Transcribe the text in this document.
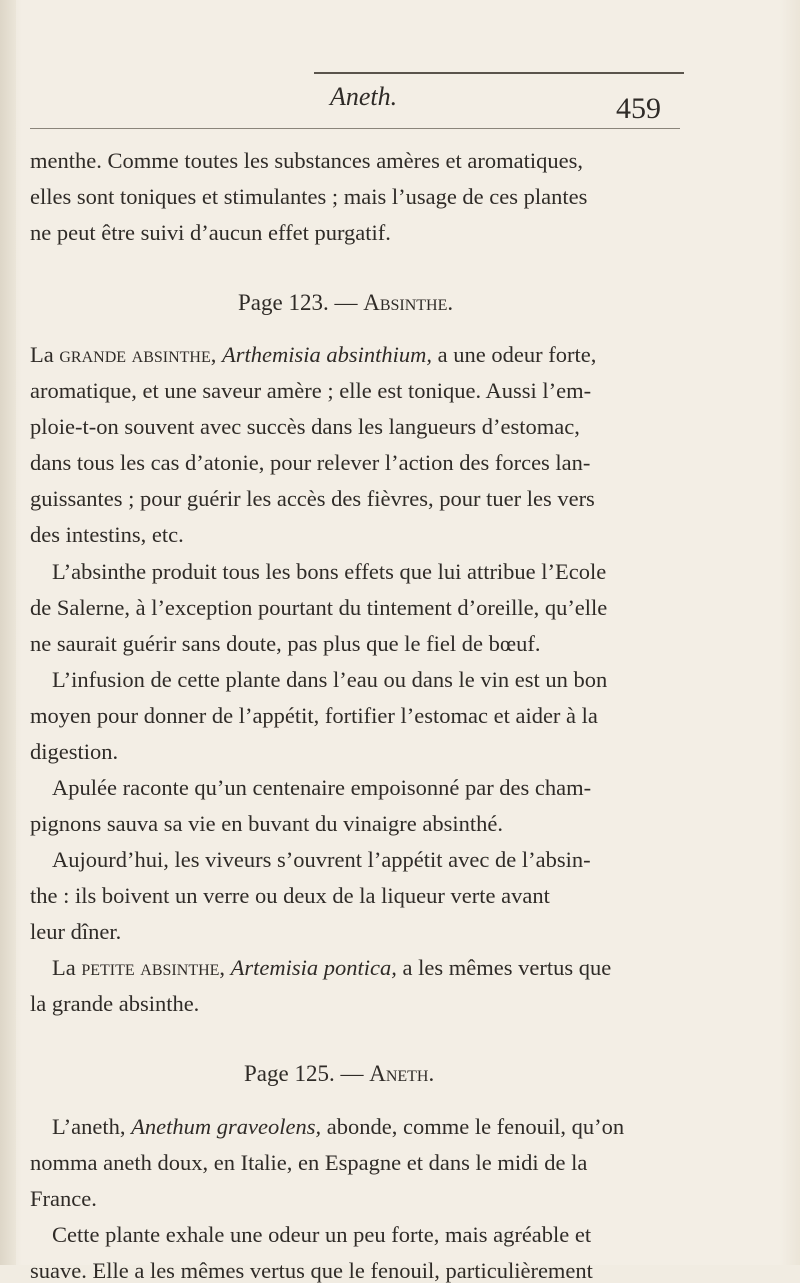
Aneth.	459
menthe. Comme toutes les substances amères et aromatiques,
elles sont toniques et stimulantes ; mais l’usage de ces plantes
ne peut être suivi d’aucun effet purgatif.
Page 123. — Absinthe.
La grande absinthe, Arthemisia absinthium, a une odeur forte,
aromatique, et une saveur amère ; elle est tonique. Aussi l’em-
ploie-t-on souvent avec succès dans les langueurs d’estomac,
dans tous les cas d’atonie, pour relever l’action des forces lan-
guissantes ; pour guérir les accès des fièvres, pour tuer les vers
des intestins, etc.
L’absinthe produit tous les bons effets que lui attribue l’Ecole
de Salerne, à l’exception pourtant du tintement d’oreille, qu’elle
ne saurait guérir sans doute, pas plus que le fiel de bœuf.
L’infusion de cette plante dans l’eau ou dans le vin est un bon
moyen pour donner de l’appétit, fortifier l’estomac et aider à la
digestion.
Apulée raconte qu’un centenaire empoisonné par des cham-
pignons sauva sa vie en buvant du vinaigre absinthé.
Aujourd’hui, les viveurs s’ouvrent l’appétit avec de l’absin-
the : ils boivent un verre ou deux de la liqueur verte avant
leur dîner.
La petite absinthe, Artemisia pontica, a les mêmes vertus que
la grande absinthe.
Page 125. — Aneth.
L’aneth, Anethum graveolens, abonde, comme le fenouil, qu’on
nomma aneth doux, en Italie, en Espagne et dans le midi de la
France.
Cette plante exhale une odeur un peu forte, mais agréable et
suave. Elle a les mêmes vertus que le fenouil, particulièrement
